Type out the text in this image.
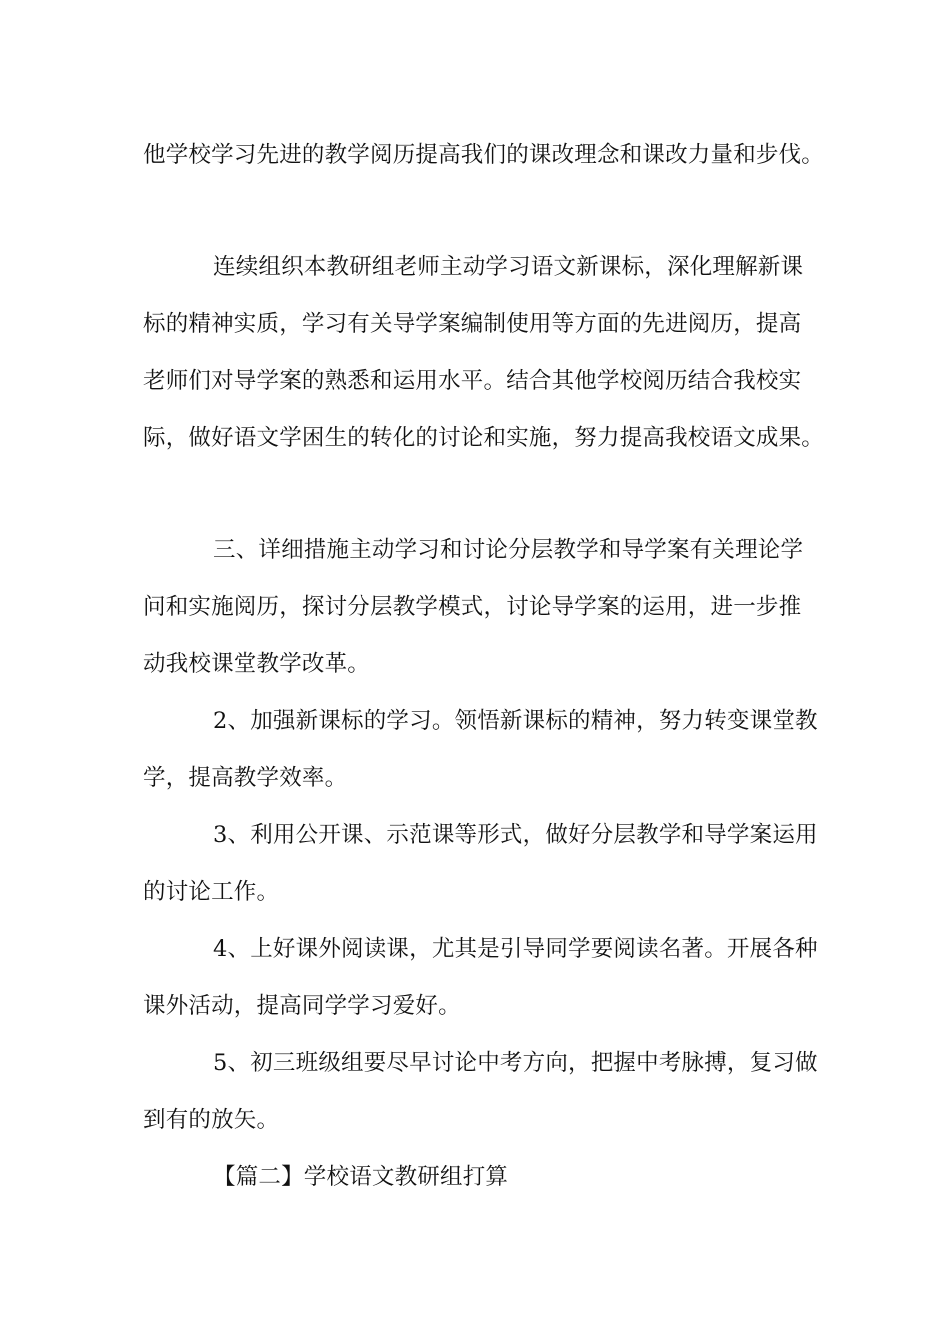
他学校学习先进的教学阅历提高我们的课改理念和课改力量和步伐。
连续组织本教研组老师主动学习语文新课标，深化理解新课
标的精神实质，学习有关导学案编制使用等方面的先进阅历，提高
老师们对导学案的熟悉和运用水平。结合其他学校阅历结合我校实
际，做好语文学困生的转化的讨论和实施，努力提高我校语文成果。
三、详细措施主动学习和讨论分层教学和导学案有关理论学
问和实施阅历，探讨分层教学模式，讨论导学案的运用，进一步推
动我校课堂教学改革。
2、加强新课标的学习。领悟新课标的精神，努力转变课堂教
学，提高教学效率。
3、利用公开课、示范课等形式，做好分层教学和导学案运用
的讨论工作。
4、上好课外阅读课，尤其是引导同学要阅读名著。开展各种
课外活动，提高同学学习爱好。
5、初三班级组要尽早讨论中考方向，把握中考脉搏，复习做
到有的放矢。
【篇二】学校语文教研组打算
